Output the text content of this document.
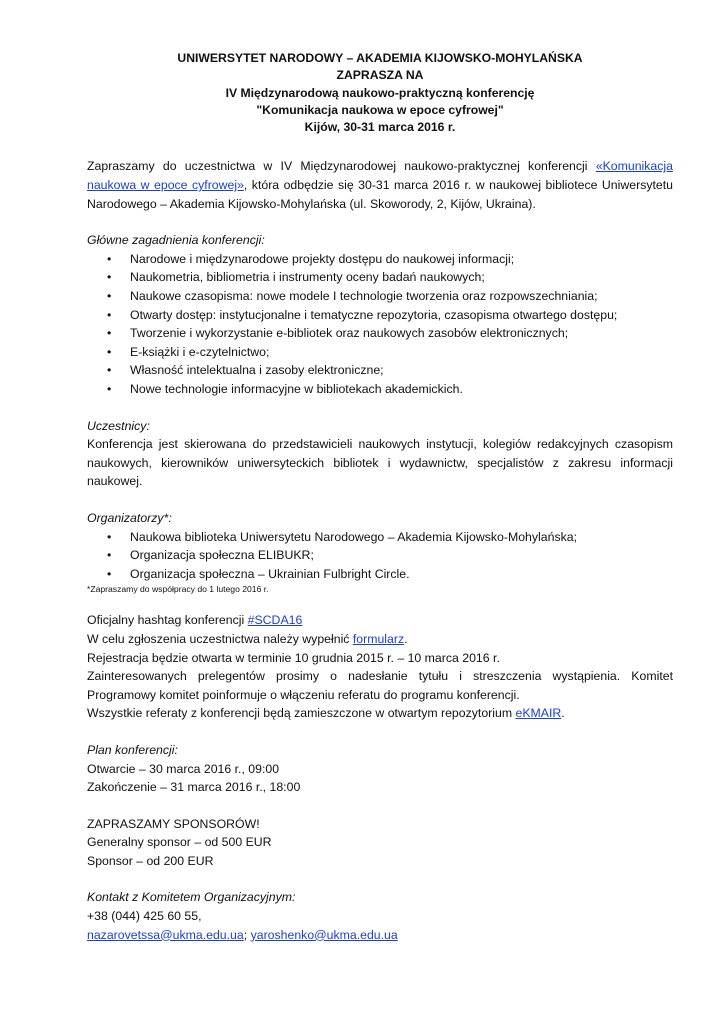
UNIWERSYTET NARODOWY – AKADEMIA KIJOWSKO-MOHYLAŃSKA
ZAPRASZA NA
IV Międzynarodową naukowo-praktyczną konferencję
"Komunikacja naukowa w epoce cyfrowej"
Kijów, 30-31 marca 2016 r.
Zapraszamy do uczestnictwa w IV Międzynarodowej naukowo-praktycznej konferencji «Komunikacja naukowa w epoce cyfrowej», która odbędzie się 30-31 marca 2016 r. w naukowej bibliotece Uniwersytetu Narodowego – Akademia Kijowsko-Mohylańska (ul. Skoworody, 2, Kijów, Ukraina).
Główne zagadnienia konferencji:
• Narodowe i międzynarodowe projekty dostępu do naukowej informacji;
• Naukometria, bibliometria i instrumenty oceny badań naukowych;
• Naukowe czasopisma: nowe modele I technologie tworzenia oraz rozpowszechniania;
• Otwarty dostęp: instytucjonalne i tematyczne repozytoria, czasopisma otwartego dostępu;
• Tworzenie i wykorzystanie e-bibliotek oraz naukowych zasobów elektronicznych;
• E-książki i e-czytelnictwo;
• Własność intelektualna i zasoby elektroniczne;
• Nowe technologie informacyjne w bibliotekach akademickich.
Uczestnicy:
Konferencja jest skierowana do przedstawicieli naukowych instytucji, kolegiów redakcyjnych czasopism naukowych, kierowników uniwersyteckich bibliotek i wydawnictw, specjalistów z zakresu informacji naukowej.
Organizatorzy*:
• Naukowa biblioteka Uniwersytetu Narodowego – Akademia Kijowsko-Mohylańska;
• Organizacja społeczna ELIBUKR;
• Organizacja społeczna – Ukrainian Fulbright Circle.
*Zapraszamy do współpracy do 1 lutego 2016 r.
Oficjalny hashtag konferencji #SCDA16
W celu zgłoszenia uczestnictwa należy wypełnić formularz.
Rejestracja będzie otwarta w terminie 10 grudnia 2015 r. – 10 marca 2016 r.
Zainteresowanych prelegentów prosimy o nadesłanie tytułu i streszczenia wystąpienia. Komitet Programowy komitet poinformuje o włączeniu referatu do programu konferencji.
Wszystkie referaty z konferencji będą zamieszczone w otwartym repozytorium eKMAIR.
Plan konferencji:
Otwarcie – 30 marca 2016 r., 09:00
Zakończenie – 31 marca 2016 r., 18:00
ZAPRASZAMY SPONSORÓW!
Generalny sponsor – od 500 EUR
Sponsor – od 200 EUR
Kontakt z Komitetem Organizacyjnym:
+38 (044) 425 60 55,
nazarovetssa@ukma.edu.ua; yaroshenko@ukma.edu.ua
